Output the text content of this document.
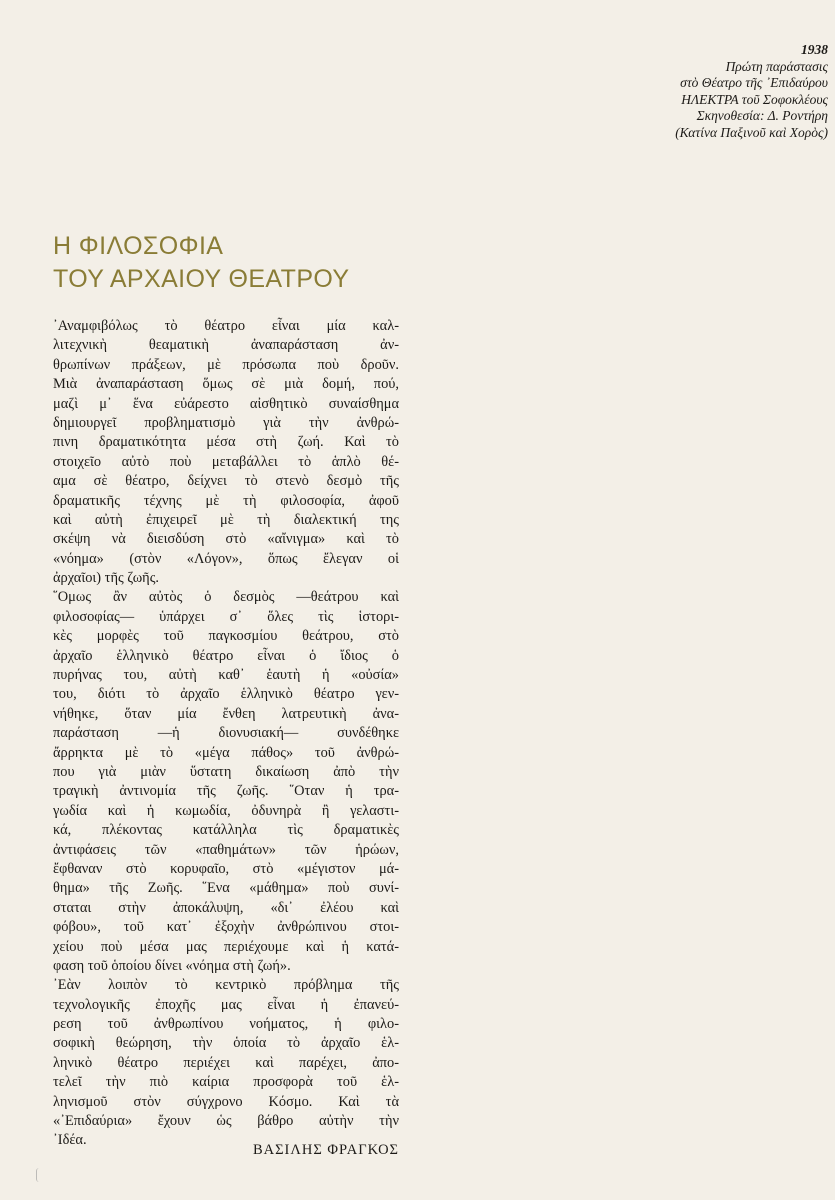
1938
Πρώτη παράστασις
στὸ Θέατρο τῆς ᾿Επιδαύρου
ΗΛΕΚΤΡΑ τοῦ Σοφοκλέους
Σκηνοθεσία: Δ. Ροντήρη
(Κατίνα Παξινοῦ καὶ Χορὸς)
Η ΦΙΛΟΣΟΦΙΑ
ΤΟΥ ΑΡΧΑΙΟΥ ΘΕΑΤΡΟΥ
᾿Αναμφιβόλως τὸ θέατρο εἶναι μία καλ-
λιτεχνικὴ θεαματικὴ ἀναπαράσταση ἀν-
θρωπίνων πράξεων, μὲ πρόσωπα ποὺ δροῦν.
Μιὰ ἀναπαράσταση ὅμως σὲ μιὰ δομή, πού,
μαζὶ μ᾿ ἕνα εὐάρεστο αἰσθητικὸ συναίσθημα
δημιουργεῖ προβληματισμὸ γιὰ τὴν ἀνθρώ-
πινη δραματικότητα μέσα στὴ ζωή. Καὶ τὸ
στοιχεῖο αὐτὸ ποὺ μεταβάλλει τὸ ἁπλὸ θέ-
αμα σὲ θέατρο, δείχνει τὸ στενὸ δεσμὸ τῆς
δραματικῆς τέχνης μὲ τὴ φιλοσοφία, ἀφοῦ
καὶ αὐτὴ ἐπιχειρεῖ μὲ τὴ διαλεκτική της
σκέψη νὰ διεισδύση στὸ «αἴνιγμα» καὶ τὸ
«νόημα» (στὸν «Λόγον», ὅπως ἔλεγαν οἱ
ἀρχαῖοι) τῆς ζωῆς.
῞Ομως ἂν αὐτὸς ὁ δεσμὸς —θεάτρου καὶ
φιλοσοφίας— ὑπάρχει σ᾿ ὅλες τὶς ἱστορι-
κὲς μορφὲς τοῦ παγκοσμίου θεάτρου, στὸ
ἀρχαῖο ἑλληνικὸ θέατρο εἶναι ὁ ἴδιος ὁ
πυρήνας του, αὐτὴ καθ᾿ ἑαυτὴ ἡ «οὐσία»
του, διότι τὸ ἀρχαῖο ἑλληνικὸ θέατρο γεν-
νήθηκε, ὅταν μία ἔνθεη λατρευτικὴ ἀνα-
παράσταση —ἡ διονυσιακή— συνδέθηκε
ἄρρηκτα μὲ τὸ «μέγα πάθος» τοῦ ἀνθρώ-
που γιὰ μιὰν ὕστατη δικαίωση ἀπὸ τὴν
τραγικὴ ἀντινομία τῆς ζωῆς. ῞Οταν ἡ τρα-
γωδία καὶ ἡ κωμωδία, ὀδυνηρὰ ἢ γελαστι-
κά, πλέκοντας κατάλληλα τὶς δραματικὲς
ἀντιφάσεις τῶν «παθημάτων» τῶν ἡρώων,
ἔφθαναν στὸ κορυφαῖο, στὸ «μέγιστον μά-
θημα» τῆς Ζωῆς. ῞Ενα «μάθημα» ποὺ συνί-
σταται στὴν ἀποκάλυψη, «δι᾿ ἐλέου καὶ
φόβου», τοῦ κατ᾿ ἐξοχὴν ἀνθρώπινου στοι-
χείου ποὺ μέσα μας περιέχουμε καὶ ἡ κατά-
φαση τοῦ ὁποίου δίνει «νόημα στὴ ζωή».
᾿Εὰν λοιπὸν τὸ κεντρικὸ πρόβλημα τῆς
τεχνολογικῆς ἐποχῆς μας εἶναι ἡ ἐπανεύ-
ρεση τοῦ ἀνθρωπίνου νοήματος, ἡ φιλο-
σοφικὴ θεώρηση, τὴν ὁποία τὸ ἀρχαῖο ἑλ-
ληνικὸ θέατρο περιέχει καὶ παρέχει, ἀπο-
τελεῖ τὴν πιὸ καίρια προσφορὰ τοῦ ἑλ-
ληνισμοῦ στὸν σύγχρονο Κόσμο. Καὶ τὰ
«᾿Επιδαύρια» ἔχουν ὡς βάθρο αὐτὴν τὴν
᾿Ιδέα.
ΒΑΣΙΛΗΣ ΦΡΑΓΚΟΣ
